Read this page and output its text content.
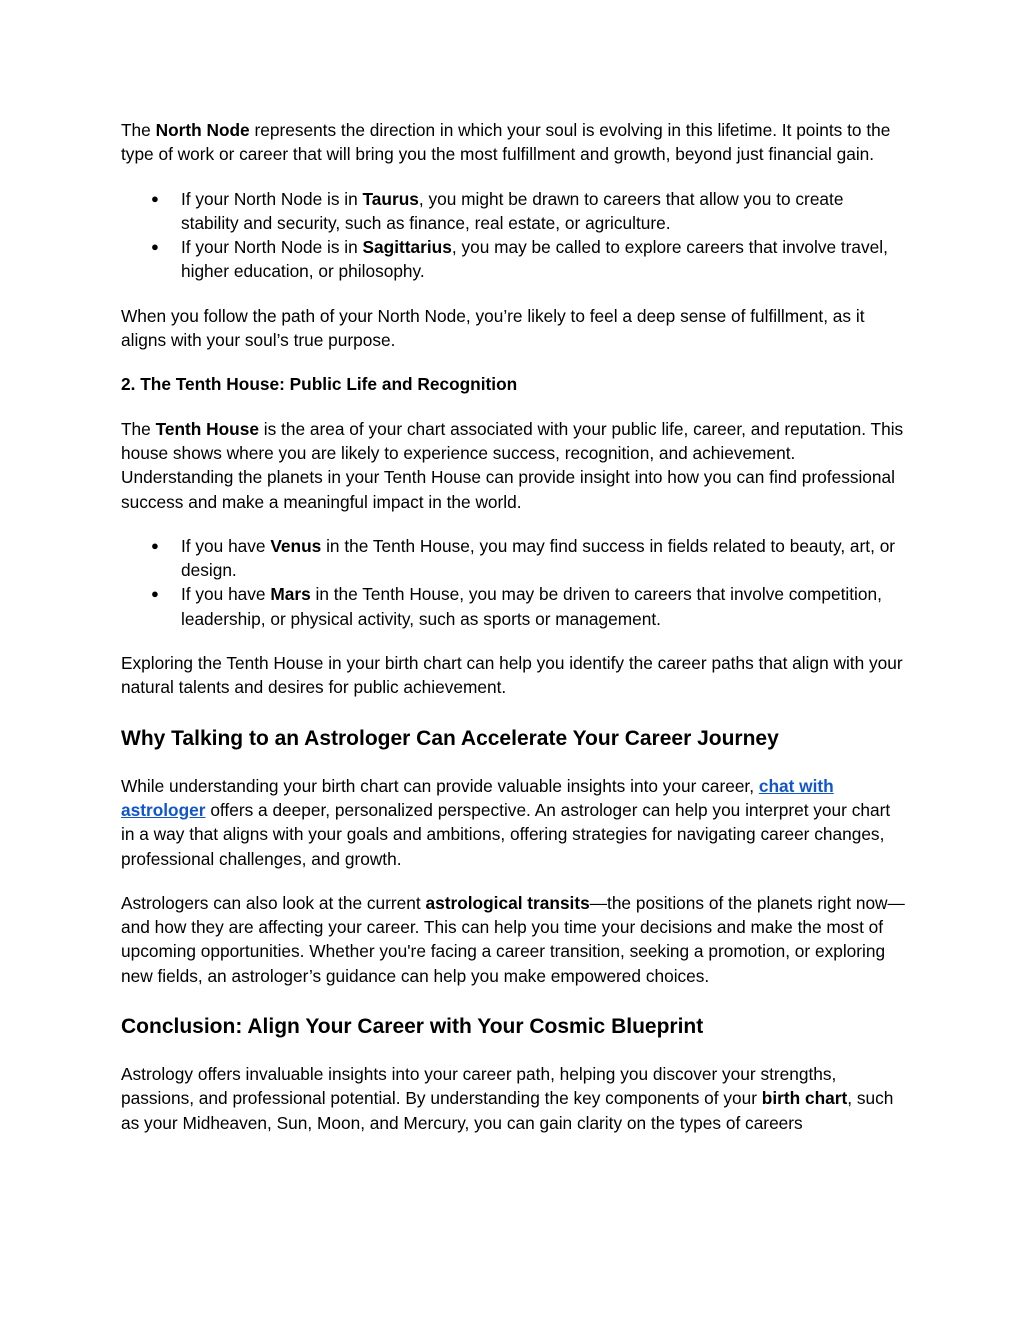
The North Node represents the direction in which your soul is evolving in this lifetime. It points to the type of work or career that will bring you the most fulfillment and growth, beyond just financial gain.

● If your North Node is in Taurus, you might be drawn to careers that allow you to create stability and security, such as finance, real estate, or agriculture.
● If your North Node is in Sagittarius, you may be called to explore careers that involve travel, higher education, or philosophy.

When you follow the path of your North Node, you’re likely to feel a deep sense of fulfillment, as it aligns with your soul’s true purpose.

2. The Tenth House: Public Life and Recognition

The Tenth House is the area of your chart associated with your public life, career, and reputation. This house shows where you are likely to experience success, recognition, and achievement. Understanding the planets in your Tenth House can provide insight into how you can find professional success and make a meaningful impact in the world.

● If you have Venus in the Tenth House, you may find success in fields related to beauty, art, or design.
● If you have Mars in the Tenth House, you may be driven to careers that involve competition, leadership, or physical activity, such as sports or management.

Exploring the Tenth House in your birth chart can help you identify the career paths that align with your natural talents and desires for public achievement.

Why Talking to an Astrologer Can Accelerate Your Career Journey

While understanding your birth chart can provide valuable insights into your career, chat with astrologer offers a deeper, personalized perspective. An astrologer can help you interpret your chart in a way that aligns with your goals and ambitions, offering strategies for navigating career changes, professional challenges, and growth.

Astrologers can also look at the current astrological transits—the positions of the planets right now—and how they are affecting your career. This can help you time your decisions and make the most of upcoming opportunities. Whether you're facing a career transition, seeking a promotion, or exploring new fields, an astrologer’s guidance can help you make empowered choices.

Conclusion: Align Your Career with Your Cosmic Blueprint

Astrology offers invaluable insights into your career path, helping you discover your strengths, passions, and professional potential. By understanding the key components of your birth chart, such as your Midheaven, Sun, Moon, and Mercury, you can gain clarity on the types of careers
